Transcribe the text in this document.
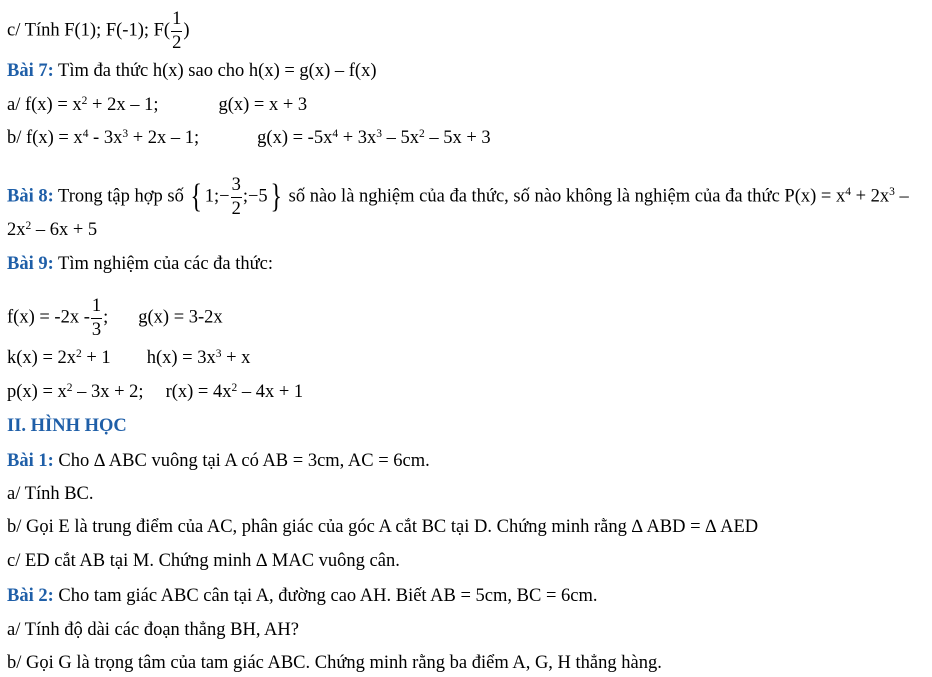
c/ Tính F(1); F(-1); $F( \frac{1}{2}$ )
Bài 7: Tìm đa thức h(x) sao cho h(x) = g(x) – f(x)
a/ $f(x) = x^2 + 2x - 1$;	g(x) = x + 3
b/ $f(x) = x^4 - 3x^3 + 2x - 1$;	$g(x) = -5x^4 + 3x^3 - 5x^2 - 5x + 3$
Bài 8: Trong tập hợp số { 1;− $\frac{3}{2}$ ;−5} số nào là nghiệm của đa thức, số nào không là nghiệm của đa thức $P(x) = x^4 + 2x^3$ –
$2x^2 - 6x + 5$
Bài 9: Tìm nghiệm của các đa thức:
$f(x) = -2x - \frac{1}{3}$ ; g(x) = 3-2x
$k(x) = 2x^2 + 1$ $h(x) = 3x^3 + x$
$p(x) = x^2 - 3x + 2$; $r(x) = 4x^2 - 4x + 1$
II. HÌNH HỌC
Bài 1: Cho ∆ ABC vuông tại A có AB = 3cm, AC = 6cm.
a/ Tính BC.
b/ Gọi E là trung điểm của AC, phân giác của góc A cắt BC tại D. Chứng minh rằng ∆ ABD = ∆ AED
c/ ED cắt AB tại M. Chứng minh ∆ MAC vuông cân.
Bài 2: Cho tam giác ABC cân tại A, đường cao AH. Biết AB = 5cm, BC = 6cm.
a/ Tính độ dài các đoạn thẳng BH, AH?
b/ Gọi G là trọng tâm của tam giác ABC. Chứng minh rằng ba điểm A, G, H thẳng hàng.
